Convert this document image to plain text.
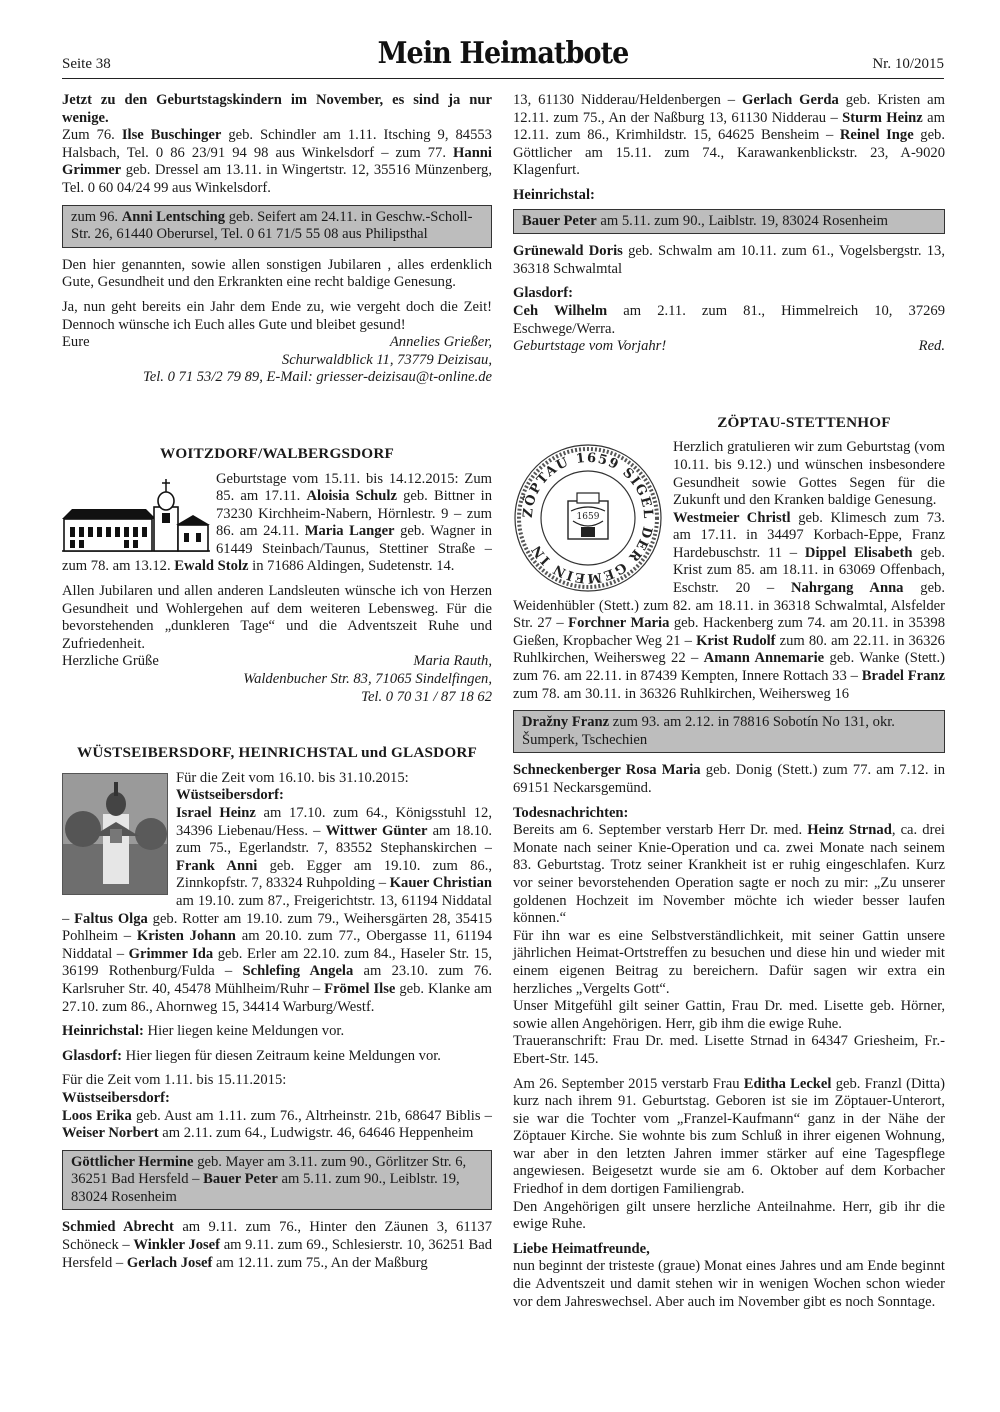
Seite 38	Mein Heimatbote	Nr. 10/2015

Jetzt zu den Geburtstagskindern im November, es sind ja nur wenige.

Zum 76. Ilse Buschinger geb. Schindler am 1.11. Itsching 9, 84553 Halsbach, Tel. 0 86 23/91 94 98 aus Winkelsdorf – zum 77. Hanni Grimmer geb. Dressel am 13.11. in Wingertstr. 12, 35516 Münzenberg, Tel. 0 60 04/24 99 aus Winkelsdorf.

zum 96. Anni Lentsching geb. Seifert am 24.11. in Geschw.-Scholl-Str. 26, 61440 Oberursel, Tel. 0 61 71/5 55 08 aus Philipsthal

Den hier genannten, sowie allen sonstigen Jubilaren , alles erdenklich Gute, Gesundheit und den Erkrankten eine recht baldige Genesung.

Ja, nun geht bereits ein Jahr dem Ende zu, wie vergeht doch die Zeit! Dennoch wünsche ich Euch alles Gute und bleibet gesund!

Eure	Annelies Grießer,
Schurwaldblick 11, 73779 Deizisau,
Tel. 0 71 53/2 79 89, E-Mail: griesser-deizisau@t-online.de
WOITZDORF/WALBERGSDORF

Geburtstage vom 15.11. bis 14.12.2015: Zum 85. am 17.11. Aloisia Schulz geb. Bittner in 73230 Kirchheim-Nabern, Hörnlestr. 9 – zum 86. am 24.11. Maria Langer geb. Wagner in 61449 Steinbach/Taunus, Stettiner Straße – zum 78. am 13.12. Ewald Stolz in 71686 Aldingen, Sudetenstr. 14.

Allen Jubilaren und allen anderen Landsleuten wünsche ich von Herzen Gesundheit und Wohlergehen auf dem weiteren Lebensweg. Für die bevorstehenden „dunkleren Tage“ und die Adventszeit Ruhe und Zufriedenheit.

Herzliche Grüße	Maria Rauth,
Waldenbucher Str. 83, 71065 Sindelfingen,
Tel. 0 70 31 / 87 18 62
WÜSTSEIBERSDORF, HEINRICHSTAL und GLASDORF

Für die Zeit vom 16.10. bis 31.10.2015:

Wüstseibersdorf:

Israel Heinz am 17.10. zum 64., Königsstuhl 12, 34396 Liebenau/Hess. – Wittwer Günter am 18.10. zum 75., Egerlandstr. 7, 83552 Stephanskirchen – Frank Anni geb. Egger am 19.10. zum 86., Zinnkopfstr. 7, 83324 Ruhpolding – Kauer Christian am 19.10. zum 87., Freigerichtstr. 13, 61194 Niddatal – Faltus Olga geb. Rotter am 19.10. zum 79., Weihersgärten 28, 35415 Pohlheim – Kristen Johann am 20.10. zum 77., Obergasse 11, 61194 Niddatal – Grimmer Ida geb. Erler am 22.10. zum 84., Haseler Str. 15, 36199 Rothenburg/Fulda – Schlefing Angela am 23.10. zum 76. Karlsruher Str. 40, 45478 Mühlheim/Ruhr – Frömel Ilse geb. Klanke am 27.10. zum 86., Ahornweg 15, 34414 Warburg/Westf.

Heinrichstal: Hier liegen keine Meldungen vor.

Glasdorf: Hier liegen für diesen Zeitraum keine Meldungen vor.

Für die Zeit vom 1.11. bis 15.11.2015:

Wüstseibersdorf:

Loos Erika geb. Aust am 1.11. zum 76., Altrheinstr. 21b, 68647 Biblis – Weiser Norbert am 2.11. zum 64., Ludwigstr. 46, 64646 Heppenheim

Göttlicher Hermine geb. Mayer am 3.11. zum 90., Görlitzer Str. 6, 36251 Bad Hersfeld – Bauer Peter am 5.11. zum 90., Leiblstr. 19, 83024 Rosenheim

Schmied Abrecht am 9.11. zum 76., Hinter den Zäunen 3, 61137 Schöneck – Winkler Josef am 9.11. zum 69., Schlesierstr. 10, 36251 Bad Hersfeld – Gerlach Josef am 12.11. zum 75., An der Maßburg

13, 61130 Nidderau/Heldenbergen – Gerlach Gerda geb. Kristen am 12.11. zum 75., An der Naßburg 13, 61130 Nidderau – Sturm Heinz am 12.11. zum 86., Krimhildstr. 15, 64625 Bensheim – Reinel Inge geb. Göttlicher am 15.11. zum 74., Karawankenblickstr. 23, A-9020 Klagenfurt.

Heinrichstal:

Bauer Peter am 5.11. zum 90., Laiblstr. 19, 83024 Rosenheim

Grünewald Doris geb. Schwalm am 10.11. zum 61., Vogelsbergstr. 13, 36318 Schwalmtal

Glasdorf:

Ceh Wilhelm am 2.11. zum 81., Himmelreich 10, 37269 Eschwege/Werra.

Geburtstage vom Vorjahr!	Red.
ZÖPTAU-STETTENHOF
ZÖPTAU 1659 SIGEL DER GEMEIN IN
1659

Herzlich gratulieren wir zum Geburtstag (vom 10.11. bis 9.12.) und wünschen insbesondere Gesundheit sowie Gottes Segen für die Zukunft und den Kranken baldige Genesung.

Westmeier Christl geb. Klimesch zum 73. am 17.11. in 34497 Korbach-Eppe, Franz Hardebuschstr. 11 – Dippel Elisabeth geb. Krist zum 85. am 18.11. in 63069 Offenbach, Eschstr. 20 – Nahrgang Anna geb. Weidenhübler (Stett.) zum 82. am 18.11. in 36318 Schwalmtal, Alsfelder Str. 27 – Forchner Maria geb. Hackenberg zum 74. am 20.11. in 35398 Gießen, Kropbacher Weg 21 – Krist Rudolf zum 80. am 22.11. in 36326 Ruhlkirchen, Weihersweg 22 – Amann Annemarie geb. Wanke (Stett.) zum 76. am 22.11. in 87439 Kempten, Innere Rottach 33 – Bradel Franz zum 78. am 30.11. in 36326 Ruhlkirchen, Weihersweg 16

Dražny Franz zum 93. am 2.12. in 78816 Sobotín No 131, okr. Šumperk, Tschechien

Schneckenberger Rosa Maria geb. Donig (Stett.) zum 77. am 7.12. in 69151 Neckarsgemünd.

Todesnachrichten:

Bereits am 6. September verstarb Herr Dr. med. Heinz Strnad, ca. drei Monate nach seiner Knie-Operation und ca. zwei Monate nach seinem 83. Geburtstag. Trotz seiner Krankheit ist er ruhig eingeschlafen. Kurz vor seiner bevorstehenden Operation sagte er noch zu mir: „Zu unserer goldenen Hochzeit im November möchte ich wieder besser laufen können.“

Für ihn war es eine Selbstverständlichkeit, mit seiner Gattin unsere jährlichen Heimat-Ortstreffen zu besuchen und diese hin und wieder mit einem eigenen Beitrag zu bereichern. Dafür sagen wir extra ein herzliches „Vergelts Gott“.

Unser Mitgefühl gilt seiner Gattin, Frau Dr. med. Lisette geb. Hörner, sowie allen Angehörigen. Herr, gib ihm die ewige Ruhe.

Traueranschrift: Frau Dr. med. Lisette Strnad in 64347 Griesheim, Fr.-Ebert-Str. 145.

Am 26. September 2015 verstarb Frau Editha Leckel geb. Franzl (Ditta) kurz nach ihrem 91. Geburtstag. Geboren ist sie im Zöptauer-Unterort, sie war die Tochter vom „Franzel-Kaufmann“ ganz in der Nähe der Zöptauer Kirche. Sie wohnte bis zum Schluß in ihrer eigenen Wohnung, war aber in den letzten Jahren immer stärker auf eine Tagespflege angewiesen. Beigesetzt wurde sie am 6. Oktober auf dem Korbacher Friedhof in dem dortigen Familiengrab.

Den Angehörigen gilt unsere herzliche Anteilnahme. Herr, gib ihr die ewige Ruhe.

Liebe Heimatfreunde,

nun beginnt der tristeste (graue) Monat eines Jahres und am Ende beginnt die Adventszeit und damit stehen wir in wenigen Wochen schon wieder vor dem Jahreswechsel. Aber auch im November gibt es noch Sonntage.
